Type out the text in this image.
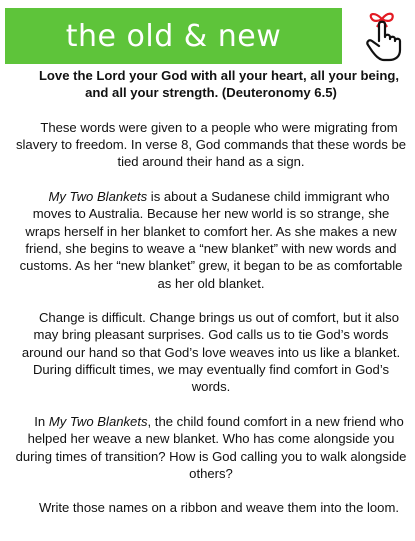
the old & new

Love the Lord your God with all your heart, all your being, and all your strength. (Deuteronomy 6.5)

These words were given to a people who were migrating from slavery to freedom. In verse 8, God commands that these words be tied around their hand as a sign.

My Two Blankets is about a Sudanese child immigrant who moves to Australia. Because her new world is so strange, she wraps herself in her blanket to comfort her. As she makes a new friend, she begins to weave a “new blanket” with new words and customs. As her “new blanket” grew, it began to be as comfortable as her old blanket.

Change is difficult. Change brings us out of comfort, but it also may bring pleasant surprises. God calls us to tie God’s words around our hand so that God’s love weaves into us like a blanket. During difficult times, we may eventually find comfort in God’s words.

In My Two Blankets, the child found comfort in a new friend who helped her weave a new blanket. Who has come alongside you during times of transition? How is God calling you to walk alongside others?

Write those names on a ribbon and weave them into the loom.
